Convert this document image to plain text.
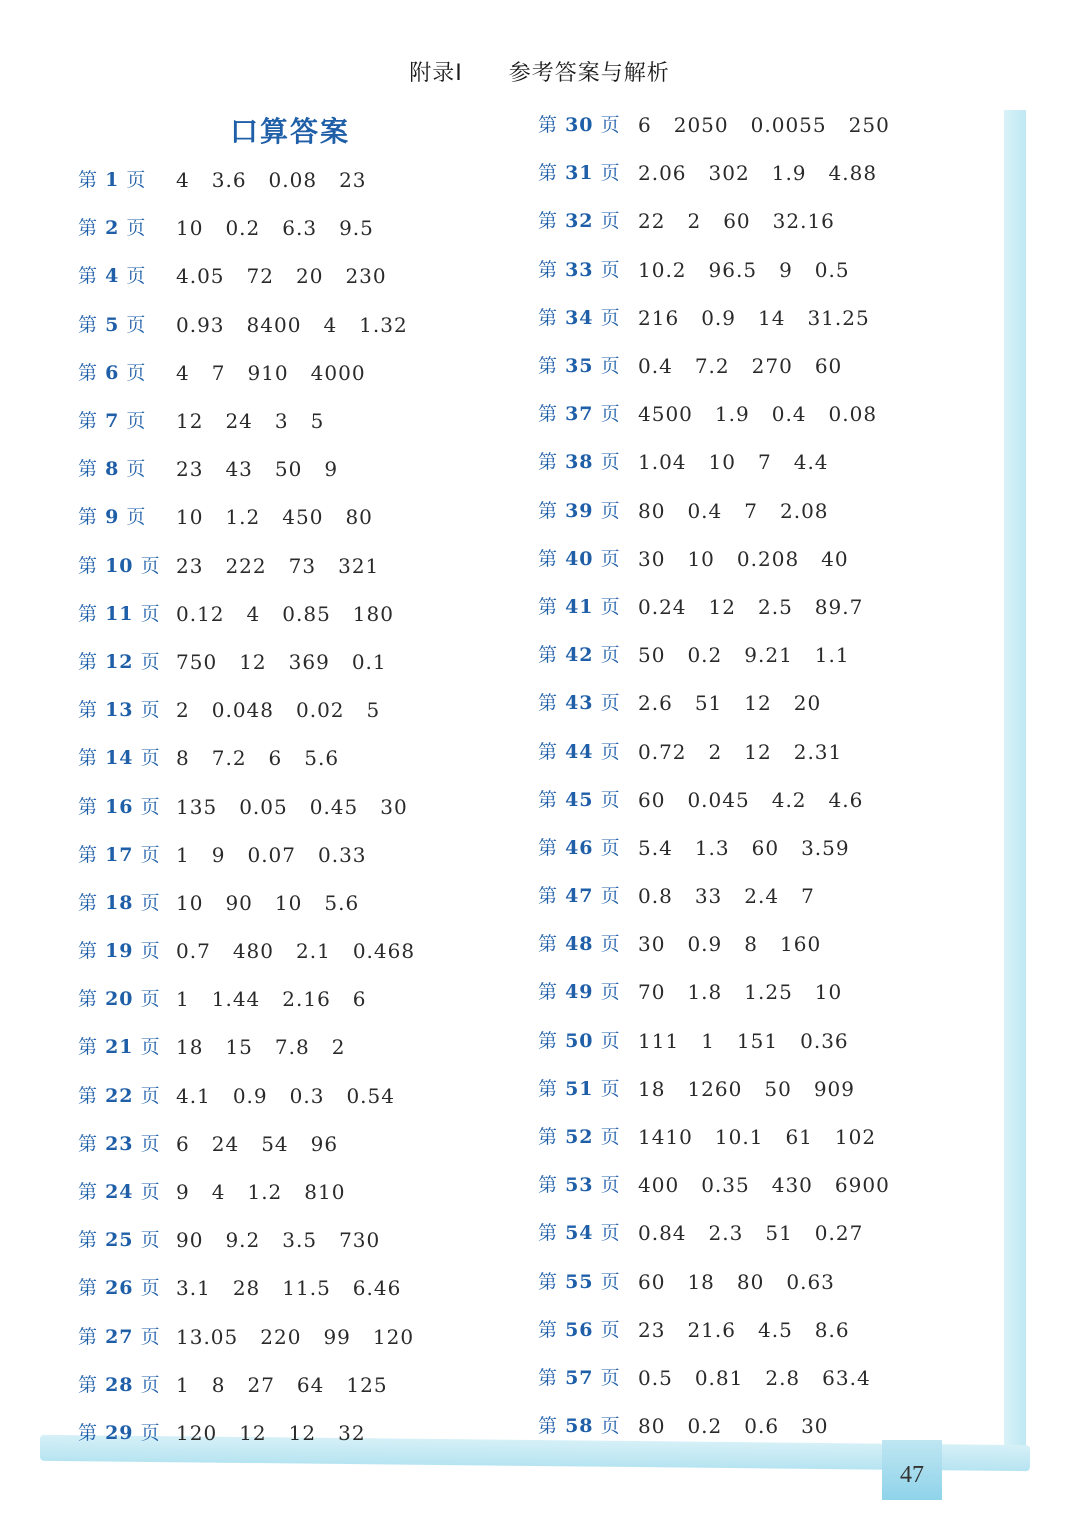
附录Ⅰ 参考答案与解析
口算答案
第 1 页	4 3.6 0.08 23
第 2 页	10 0.2 6.3 9.5
第 4 页	4.05 72 20 230
第 5 页	0.93 8400 4 1.32
第 6 页	4 7 910 4000
第 7 页	12 24 3 5
第 8 页	23 43 50 9
第 9 页	10 1.2 450 80
第 10 页 23 222 73 321
第 11 页 0.12 4 0.85 180
第 12 页 750 12 369 0.1
第 13 页 2 0.048 0.02 5
第 14 页 8 7.2 6 5.6
第 16 页 135 0.05 0.45 30
第 17 页 1 9 0.07 0.33
第 18 页 10 90 10 5.6
第 19 页 0.7 480 2.1 0.468
第 20 页 1 1.44 2.16 6
第 21 页 18 15 7.8 2
第 22 页 4.1 0.9 0.3 0.54
第 23 页 6 24 54 96
第 24 页 9 4 1.2 810
第 25 页 90 9.2 3.5 730
第 26 页 3.1 28 11.5 6.46
第 27 页 13.05 220 99 120
第 28 页 1 8 27 64 125
第 29 页 120 12 12 32
第 30 页 6 2050 0.0055 250
第 31 页 2.06 302 1.9 4.88
第 32 页 22 2 60 32.16
第 33 页 10.2 96.5 9 0.5
第 34 页 216 0.9 14 31.25
第 35 页 0.4 7.2 270 60
第 37 页 4500 1.9 0.4 0.08
第 38 页 1.04 10 7 4.4
第 39 页 80 0.4 7 2.08
第 40 页 30 10 0.208 40
第 41 页 0.24 12 2.5 89.7
第 42 页 50 0.2 9.21 1.1
第 43 页 2.6 51 12 20
第 44 页 0.72 2 12 2.31
第 45 页 60 0.045 4.2 4.6
第 46 页 5.4 1.3 60 3.59
第 47 页 0.8 33 2.4 7
第 48 页 30 0.9 8 160
第 49 页 70 1.8 1.25 10
第 50 页 111 1 151 0.36
第 51 页 18 1260 50 909
第 52 页 1410 10.1 61 102
第 53 页 400 0.35 430 6900
第 54 页 0.84 2.3 51 0.27
第 55 页 60 18 80 0.63
第 56 页 23 21.6 4.5 8.6
第 57 页 0.5 0.81 2.8 63.4
第 58 页 80 0.2 0.6 30
47
